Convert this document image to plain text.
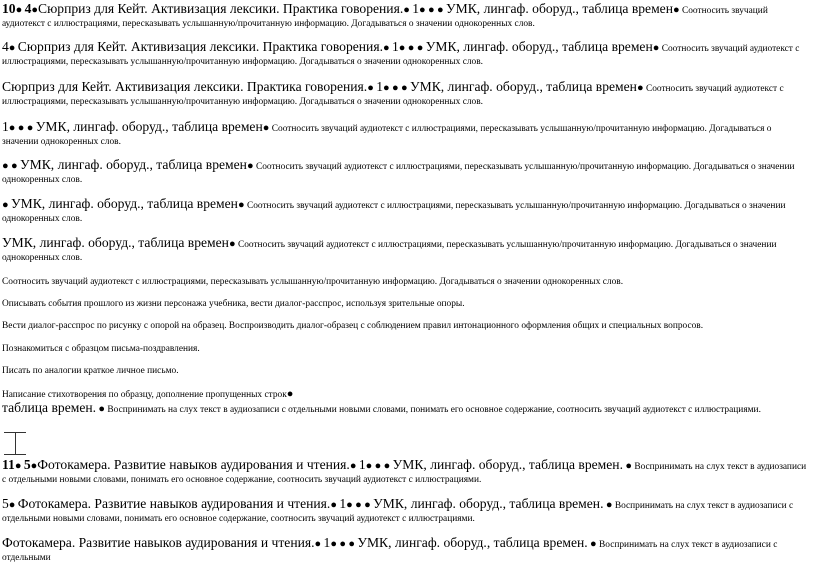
10● 4●Сюрприз для Кейт. Активизация лексики. Практика говорения.● 1● ● ● УМК, лингаф. оборуд., таблица времен● Соотносить звучаций аудиотекст с иллюстрациями, пересказывать услышанную/прочитанную информацию. Догадываться о значении однокоренных слов.
4● Сюрприз для Кейт. Активизация лексики. Практика говорения.● 1● ● ● УМК, лингаф. оборуд., таблица времен● Соотносить звучаций аудиотекст с иллюстрациями, пересказывать услышанную/прочитанную информацию. Догадываться о значении однокоренных слов.
Сюрприз для Кейт. Активизация лексики. Практика говорения.● 1● ● ● УМК, лингаф. оборуд., таблица времен● Соотносить звучаций аудиотекст с иллюстрациями, пересказывать услышанную/прочитанную информацию. Догадываться о значении однокоренных слов.
1● ● ● УМК, лингаф. оборуд., таблица времен● Соотносить звучаций аудиотекст с иллюстрациями, пересказывать услышанную/прочитанную информацию. Догадываться о значении однокоренных слов.
● ● УМК, лингаф. оборуд., таблица времен● Соотносить звучаций аудиотекст с иллюстрациями, пересказывать услышанную/прочитанную информацию. Догадываться о значении однокоренных слов.
● УМК, лингаф. оборуд., таблица времен● Соотносить звучаций аудиотекст с иллюстрациями, пересказывать услышанную/прочитанную информацию. Догадываться о значении однокоренных слов.
УМК, лингаф. оборуд., таблица времен● Соотносить звучаций аудиотекст с иллюстрациями, пересказывать услышанную/прочитанную информацию. Догадываться о значении однокоренных слов.
Соотносить звучаций аудиотекст с иллюстрациями, пересказывать услышанную/прочитанную информацию. Догадываться о значении однокоренных слов.
Описывать события прошлого из жизни персонажа учебника, вести диалог-расспрос, используя зрительные опоры.
Вести диалог-расспрос по рисунку с опорой на образец. Воспроизводить диалог-образец с соблюдением правил интонационного оформления общих и специальных вопросов.
Познакомиться с образцом письма-поздравления.
Писать по аналогии краткое личное письмо.
Написание стихотворения по образцу, дополнение пропущенных строк●
таблица времен. ● Воспринимать на слух текст в аудиозаписи с отдельными новыми словами, понимать его основное содержание, соотносить звучаций аудиотекст с иллюстрациями.
11● 5●Фотокамера. Развитие навыков аудирования и чтения.● 1● ● ● УМК, лингаф. оборуд., таблица времен. ● Воспринимать на слух текст в аудиозаписи с отдельными новыми словами, понимать его основное содержание, соотносить звучаций аудиотекст с иллюстрациями.
5● Фотокамера. Развитие навыков аудирования и чтения.● 1● ● ● УМК, лингаф. оборуд., таблица времен. ● Воспринимать на слух текст в аудиозаписи с отдельными новыми словами, понимать его основное содержание, соотносить звучаций аудиотекст с иллюстрациями.
Фотокамера. Развитие навыков аудирования и чтения.● 1● ● ● УМК, лингаф. оборуд., таблица времен. ● Воспринимать на слух текст в аудиозаписи с отдельными
